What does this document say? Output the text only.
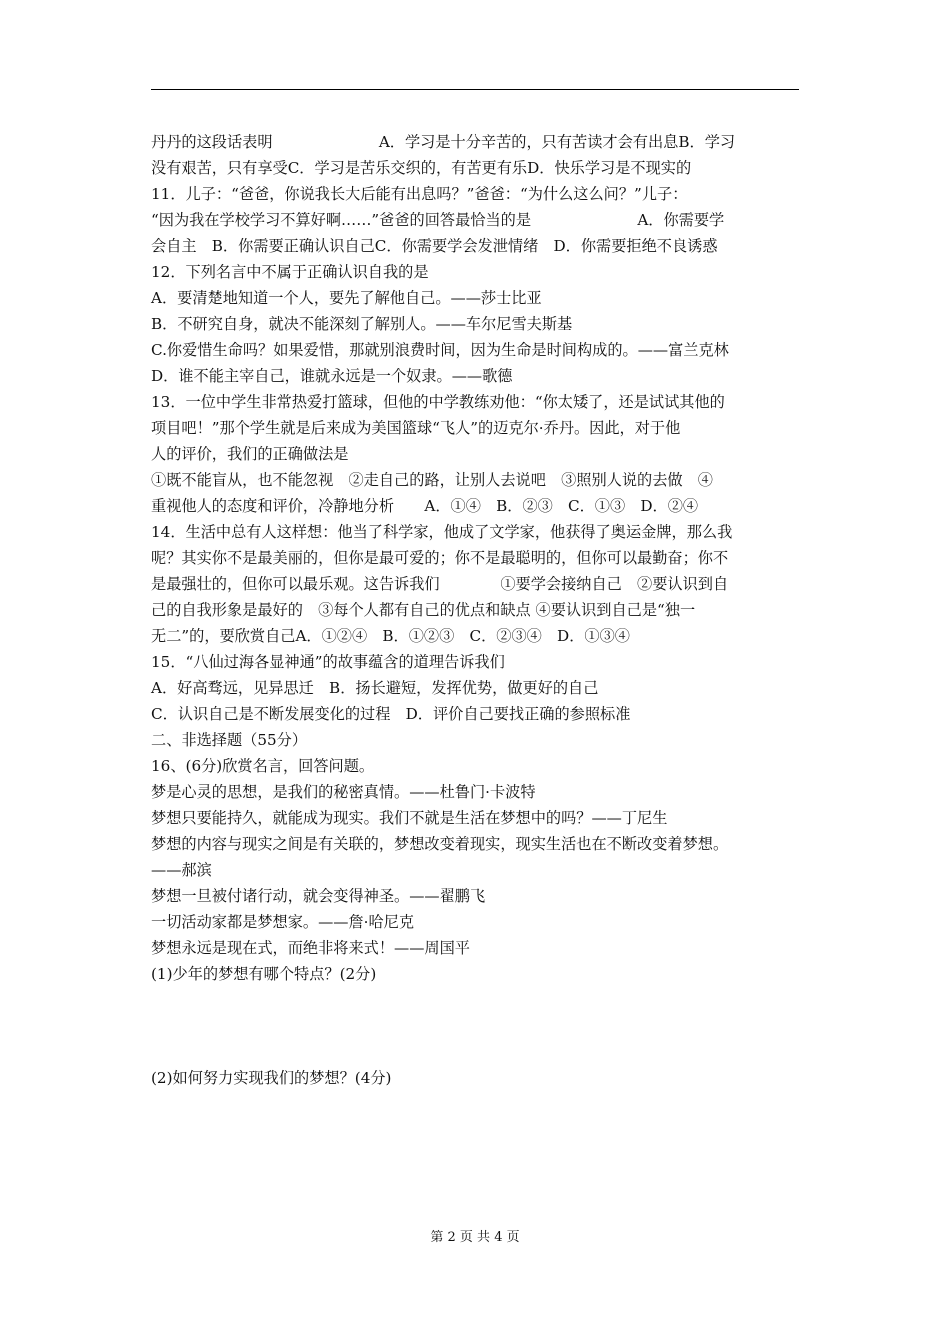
丹丹的这段话表明　　　　　　　A．学习是十分辛苦的，只有苦读才会有出息B．学习
没有艰苦，只有享受C．学习是苦乐交织的，有苦更有乐D．快乐学习是不现实的
11．儿子：“爸爸，你说我长大后能有出息吗？”爸爸：“为什么这么问？”儿子：
“因为我在学校学习不算好啊……”爸爸的回答最恰当的是　　　　　　　A．你需要学
会自主　B．你需要正确认识自己C．你需要学会发泄情绪　D．你需要拒绝不良诱惑
12．下列名言中不属于正确认识自我的是
A．要清楚地知道一个人，要先了解他自己。——莎士比亚
B．不研究自身，就决不能深刻了解别人。——车尔尼雪夫斯基
C.你爱惜生命吗？如果爱惜，那就别浪费时间，因为生命是时间构成的。——富兰克林
D．谁不能主宰自己，谁就永远是一个奴隶。——歌德
13．一位中学生非常热爱打篮球，但他的中学教练劝他：“你太矮了，还是试试其他的
项目吧！”那个学生就是后来成为美国篮球“飞人”的迈克尔·乔丹。因此，对于他
人的评价，我们的正确做法是
①既不能盲从，也不能忽视　②走自己的路，让别人去说吧　③照别人说的去做　④
重视他人的态度和评价，冷静地分析　　A．①④　B．②③　C．①③　D．②④
14．生活中总有人这样想：他当了科学家，他成了文学家，他获得了奥运金牌，那么我
呢？其实你不是最美丽的，但你是最可爱的；你不是最聪明的，但你可以最勤奋；你不
是最强壮的，但你可以最乐观。这告诉我们　　　　①要学会接纳自己　②要认识到自
己的自我形象是最好的　③每个人都有自己的优点和缺点 ④要认识到自己是“独一
无二”的，要欣赏自己A．①②④　B．①②③　C．②③④　D．①③④
15．“八仙过海各显神通”的故事蕴含的道理告诉我们
A．好高骛远，见异思迁　B．扬长避短，发挥优势，做更好的自己
C．认识自己是不断发展变化的过程　D．评价自己要找正确的参照标准
二、非选择题（55分）
16、(6分)欣赏名言，回答问题。
梦是心灵的思想，是我们的秘密真情。——杜鲁门·卡波特
梦想只要能持久，就能成为现实。我们不就是生活在梦想中的吗？——丁尼生
梦想的内容与现实之间是有关联的，梦想改变着现实，现实生活也在不断改变着梦想。
——郝滨
梦想一旦被付诸行动，就会变得神圣。——翟鹏飞
一切活动家都是梦想家。——詹·哈尼克
梦想永远是现在式，而绝非将来式！——周国平
(1)少年的梦想有哪个特点？(2分)
(2)如何努力实现我们的梦想？(4分)
第 2 页 共 4 页
